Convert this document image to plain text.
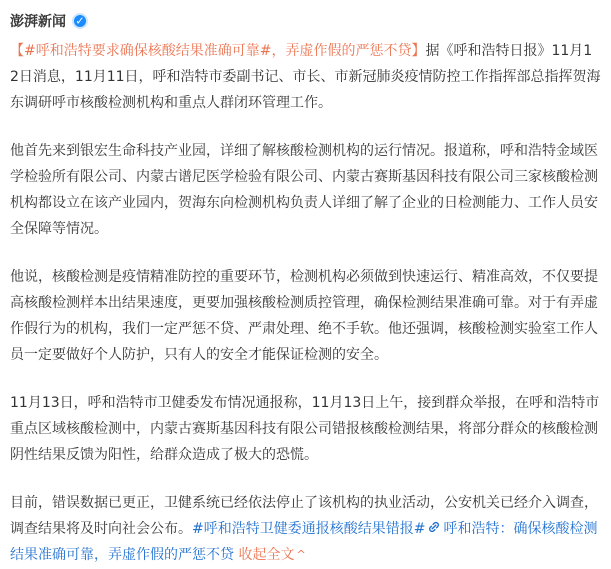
澎湃新闻 ✓

【#呼和浩特要求确保核酸结果准确可靠#，弄虚作假的严惩不贷】据《呼和浩特日报》11月12日消息，11月11日，呼和浩特市委副书记、市长、市新冠肺炎疫情防控工作指挥部总指挥贺海东调研呼市核酸检测机构和重点人群闭环管理工作。

他首先来到银宏生命科技产业园，详细了解核酸检测机构的运行情况。报道称，呼和浩特金域医学检验所有限公司、内蒙古谱尼医学检验有限公司、内蒙古赛斯基因科技有限公司三家核酸检测机构都设立在该产业园内，贺海东向检测机构负责人详细了解了企业的日检测能力、工作人员安全保障等情况。

他说，核酸检测是疫情精准防控的重要环节，检测机构必须做到快速运行、精准高效，不仅要提高核酸检测样本出结果速度，更要加强核酸检测质控管理，确保检测结果准确可靠。对于有弄虚作假行为的机构，我们一定严惩不贷、严肃处理、绝不手软。他还强调，核酸检测实验室工作人员一定要做好个人防护，只有人的安全才能保证检测的安全。

11月13日，呼和浩特市卫健委发布情况通报称，11月13日上午，接到群众举报，在呼和浩特市重点区域核酸检测中，内蒙古赛斯基因科技有限公司错报核酸检测结果，将部分群众的核酸检测阴性结果反馈为阳性，给群众造成了极大的恐慌。

目前，错误数据已更正，卫健系统已经依法停止了该机构的执业活动，公安机关已经介入调查，调查结果将及时向社会公布。#呼和浩特卫健委通报核酸结果错报# 呼和浩特：确保核酸检测结果准确可靠，弄虚作假的严惩不贷 收起全文 ^
